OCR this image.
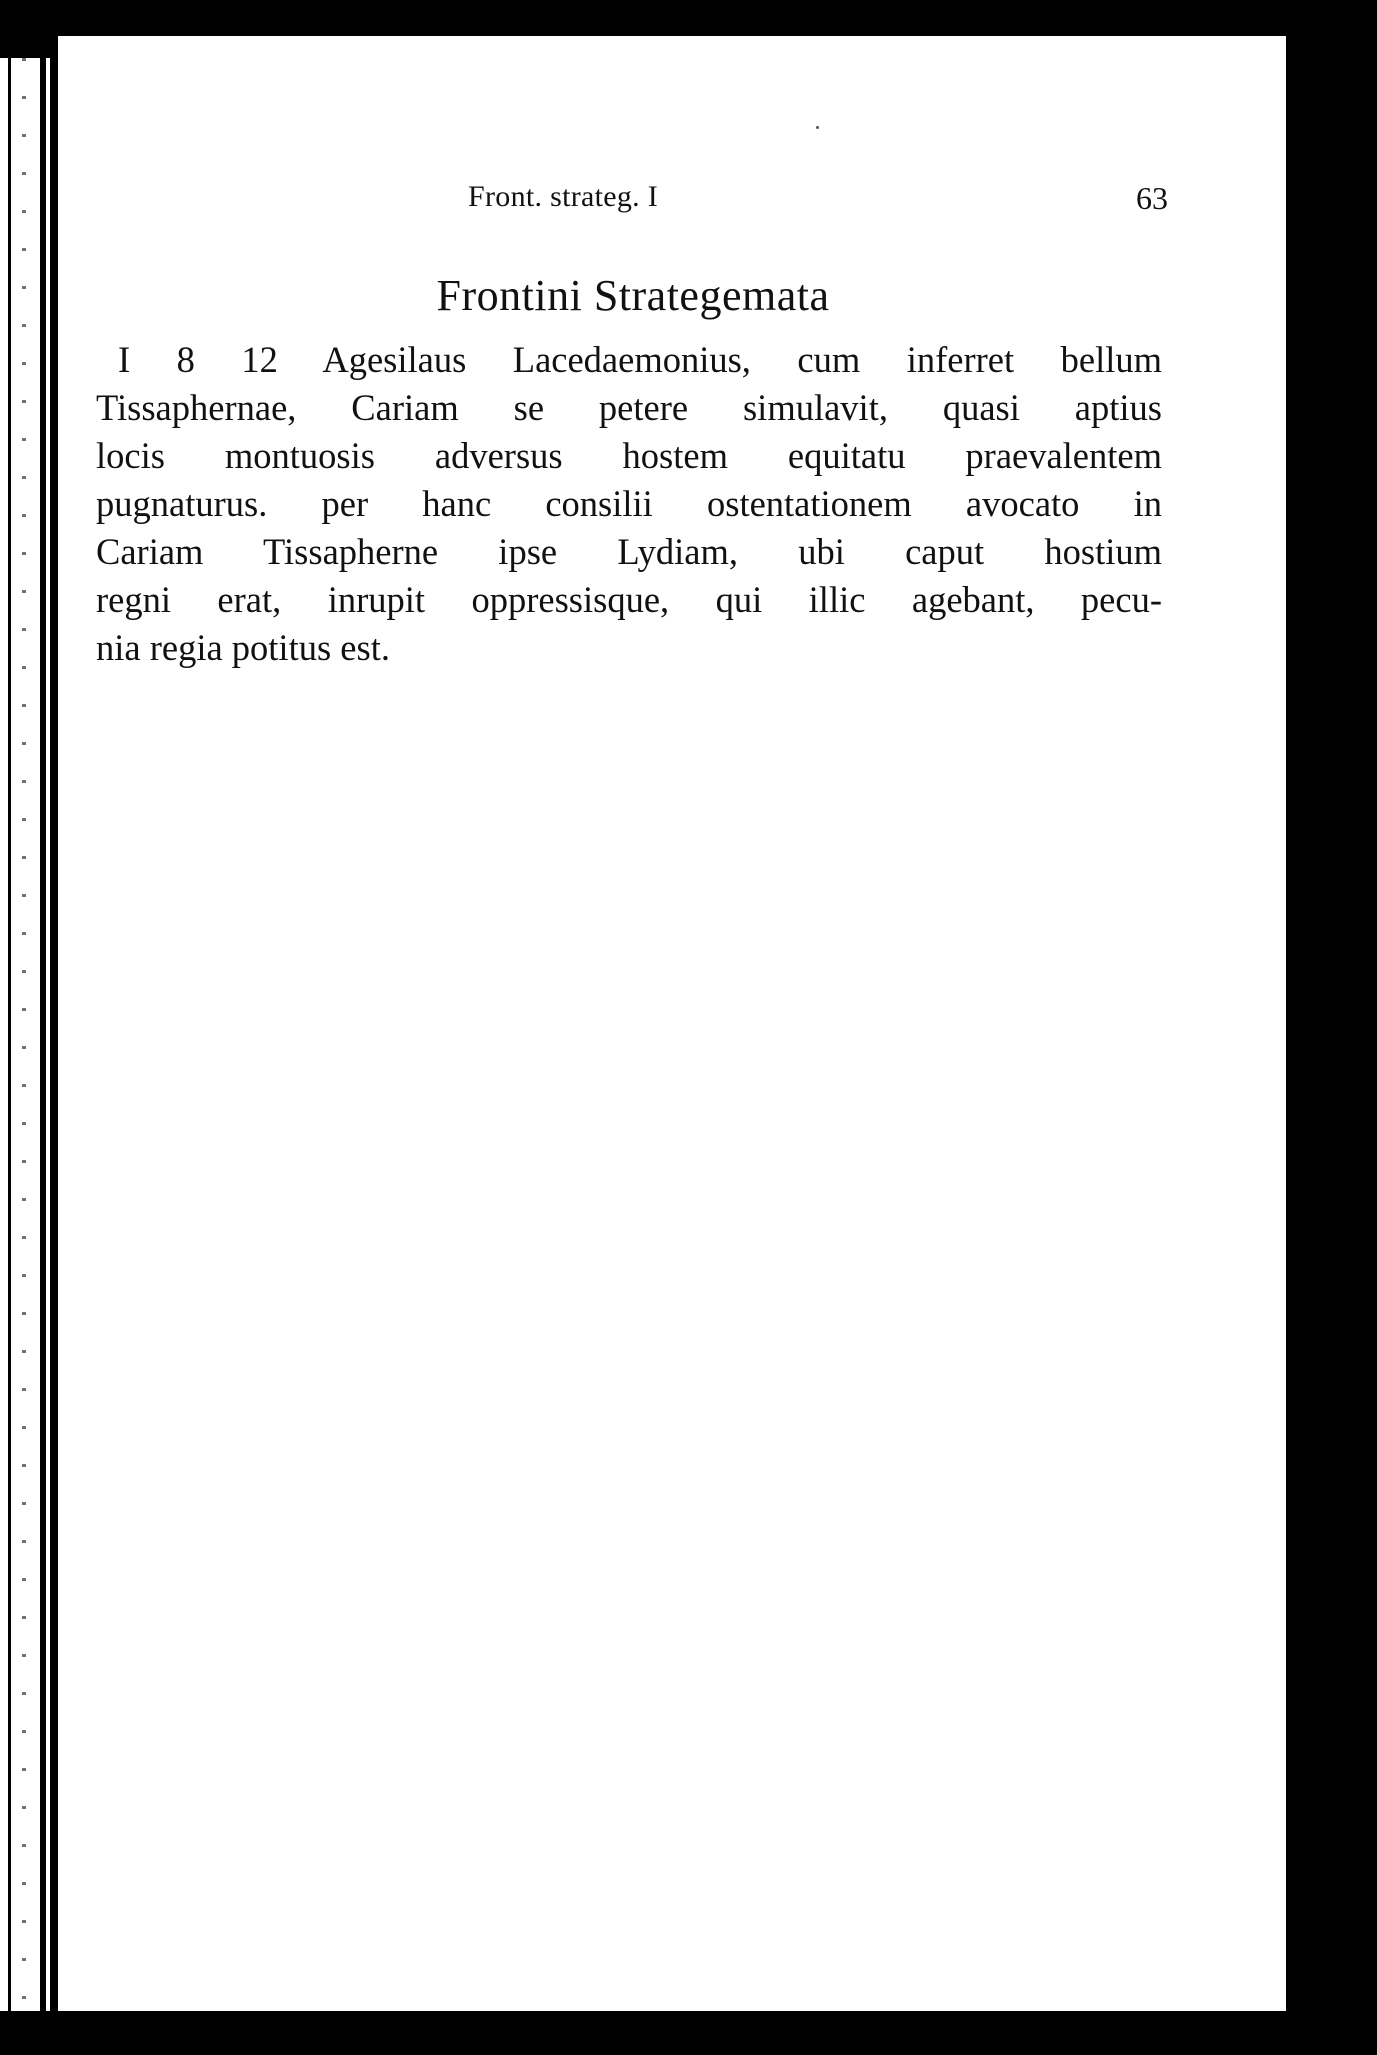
Front. strateg. I	63
Frontini Strategemata
I 8 12 Agesilaus Lacedaemonius, cum inferret bellum
Tissaphernae, Cariam se petere simulavit, quasi aptius
locis montuosis adversus hostem equitatu praevalentem
pugnaturus. per hanc consilii ostentationem avocato in
Cariam Tissapherne ipse Lydiam, ubi caput hostium
regni erat, inrupit oppressisque, qui illic agebant, pecu-
nia regia potitus est.
